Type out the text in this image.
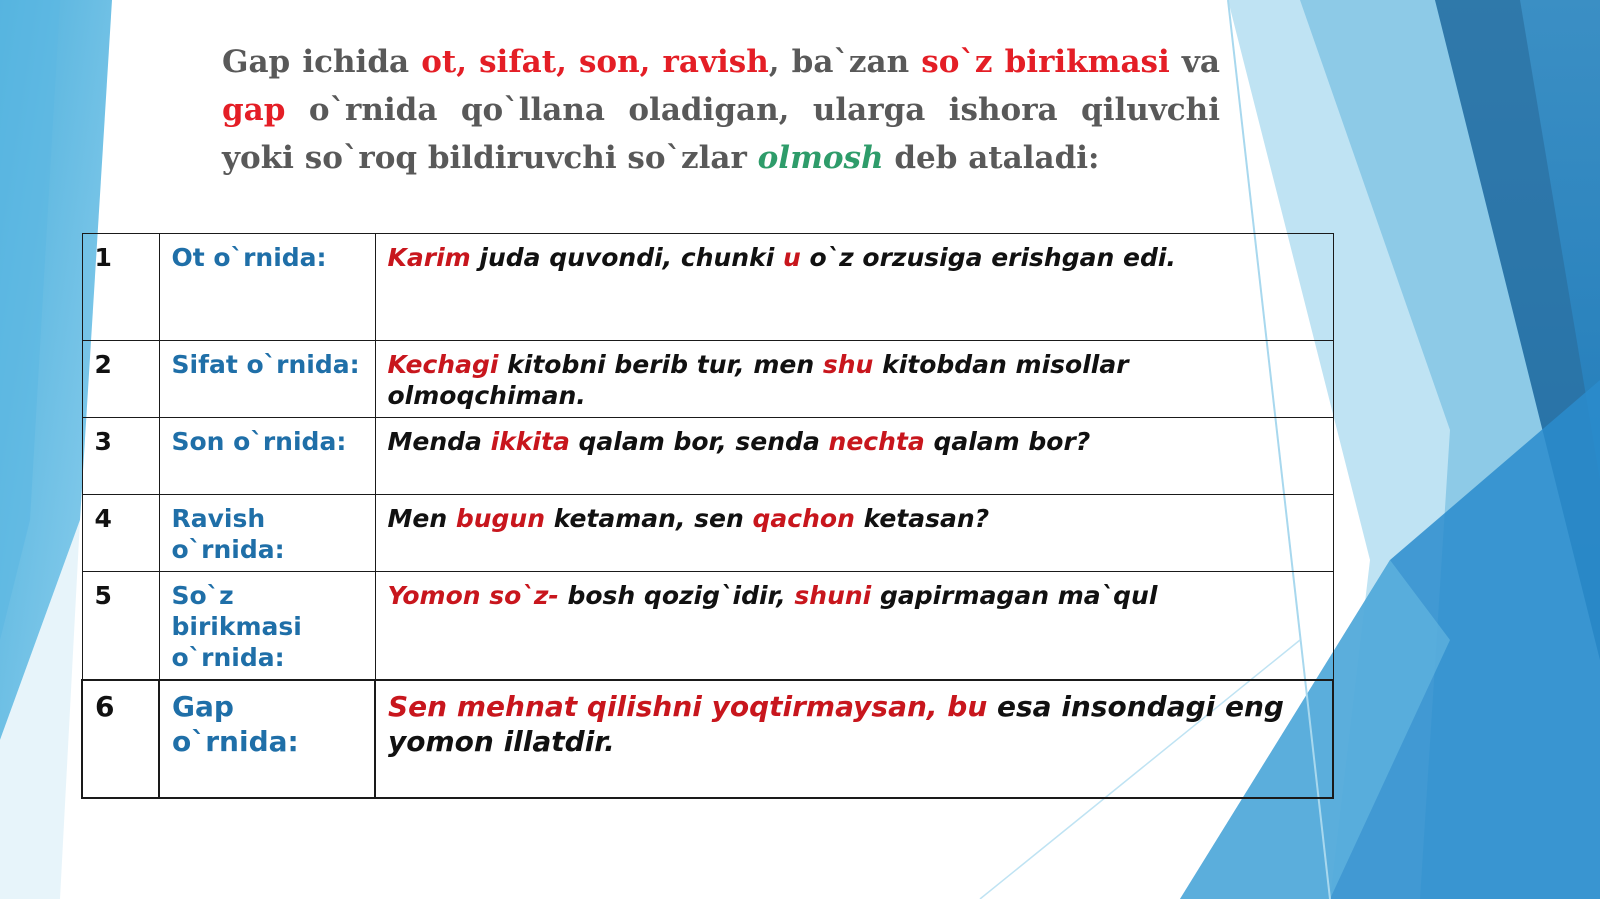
Gap ichida ot, sifat, son, ravish, ba`zan so`z birikmasi va gap o`rnida qo`llana oladigan, ularga ishora qiluvchi yoki so`roq bildiruvchi so`zlar olmosh deb ataladi:
1	Ot o`rnida:	Karim juda quvondi, chunki u o`z orzusiga erishgan edi.
2	Sifat o`rnida:	Kechagi kitobni berib tur, men shu kitobdan misollar olmoqchiman.
3	Son o`rnida:	Menda ikkita qalam bor, senda nechta qalam bor?
4	Ravish o`rnida:	Men bugun ketaman, sen qachon ketasan?
5	So`z birikmasi o`rnida:	Yomon so`z- bosh qozig`idir, shuni gapirmagan ma`qul
6	Gap o`rnida:	Sen mehnat qilishni yoqtirmaysan, bu esa insondagi eng yomon illatdir.
